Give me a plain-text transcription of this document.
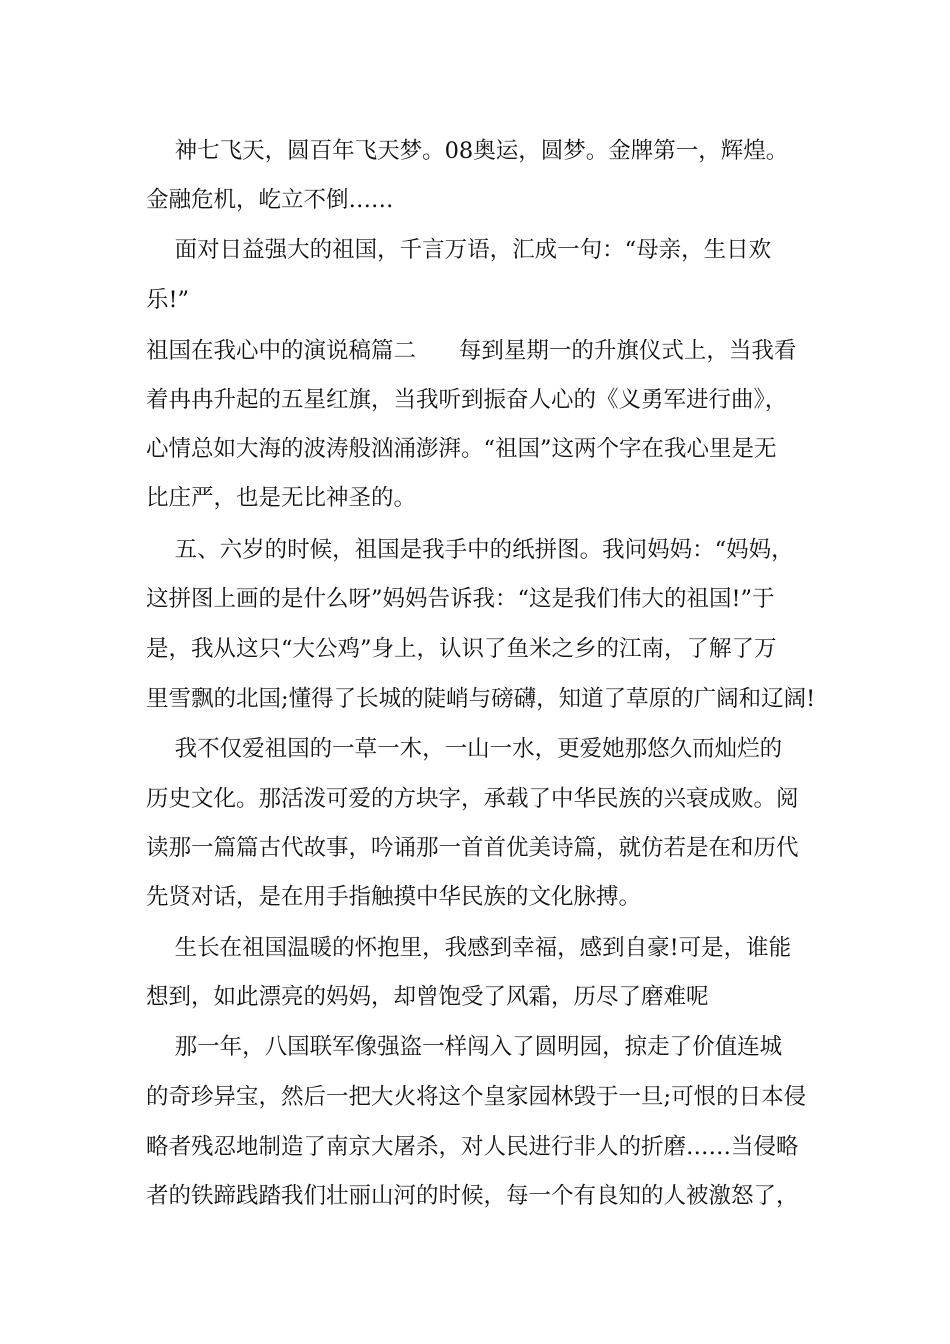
神七飞天，圆百年飞天梦。08奥运，圆梦。金牌第一，辉煌。
金融危机，屹立不倒……
面对日益强大的祖国，千言万语，汇成一句：“母亲，生日欢
乐!”
祖国在我心中的演说稿篇二      每到星期一的升旗仪式上，当我看
着冉冉升起的五星红旗，当我听到振奋人心的《义勇军进行曲》，
心情总如大海的波涛般汹涌澎湃。“祖国”这两个字在我心里是无
比庄严，也是无比神圣的。
五、六岁的时候，祖国是我手中的纸拼图。我问妈妈：“妈妈，
这拼图上画的是什么呀”妈妈告诉我：“这是我们伟大的祖国!”于
是，我从这只“大公鸡”身上，认识了鱼米之乡的江南，了解了万
里雪飘的北国;懂得了长城的陡峭与磅礴，知道了草原的广阔和辽阔!
我不仅爱祖国的一草一木，一山一水，更爱她那悠久而灿烂的
历史文化。那活泼可爱的方块字，承载了中华民族的兴衰成败。阅
读那一篇篇古代故事，吟诵那一首首优美诗篇，就仿若是在和历代
先贤对话，是在用手指触摸中华民族的文化脉搏。
生长在祖国温暖的怀抱里，我感到幸福，感到自豪!可是，谁能
想到，如此漂亮的妈妈，却曾饱受了风霜，历尽了磨难呢
那一年，八国联军像强盗一样闯入了圆明园，掠走了价值连城
的奇珍异宝，然后一把大火将这个皇家园林毁于一旦;可恨的日本侵
略者残忍地制造了南京大屠杀，对人民进行非人的折磨……当侵略
者的铁蹄践踏我们壮丽山河的时候，每一个有良知的人被激怒了，
